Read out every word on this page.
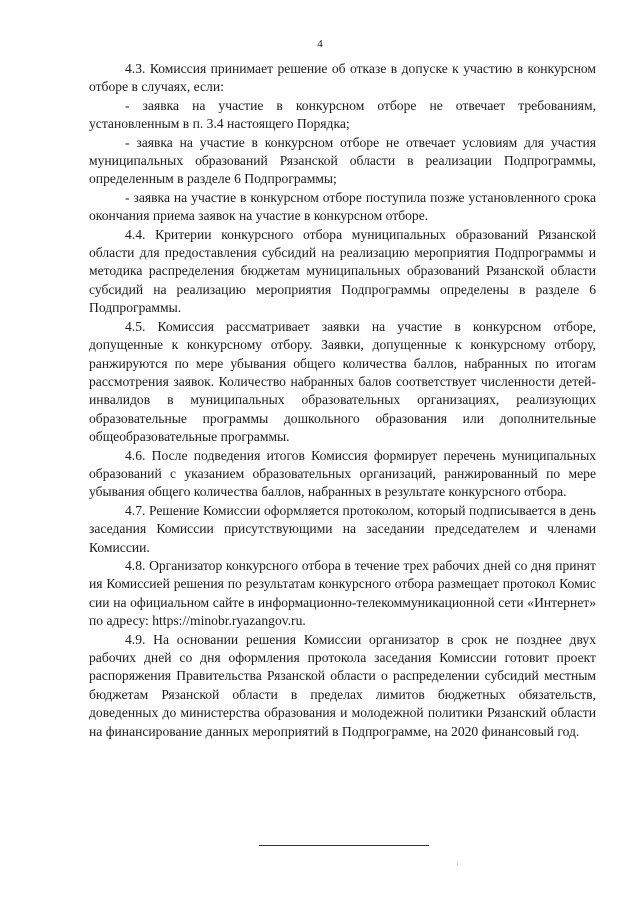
4

4.3. Комиссия принимает решение об отказе в допуске к участию в конкурсном отборе в случаях, если:

- заявка на участие в конкурсном отборе не отвечает требованиям, установленным в п. 3.4 настоящего Порядка;

- заявка на участие в конкурсном отборе не отвечает условиям для участия муниципальных образований Рязанской области в реализации Подпрограммы, определенным в разделе 6 Подпрограммы;

- заявка на участие в конкурсном отборе поступила позже установленного срока окончания приема заявок на участие в конкурсном отборе.

4.4. Критерии конкурсного отбора муниципальных образований Рязанской области для предоставления субсидий на реализацию мероприятия Подпрограммы и методика распределения бюджетам муниципальных образований Рязанской области субсидий на реализацию мероприятия Подпрограммы определены в разделе 6 Подпрограммы.

4.5. Комиссия рассматривает заявки на участие в конкурсном отборе, допущенные к конкурсному отбору. Заявки, допущенные к конкурсному отбору, ранжируются по мере убывания общего количества баллов, набранных по итогам рассмотрения заявок. Количество набранных балов соответствует численности детей-инвалидов в муниципальных образовательных организациях, реализующих образовательные программы дошкольного образования или дополнительные общеобразовательные программы.

4.6. После подведения итогов Комиссия формирует перечень муниципальных образований с указанием образовательных организаций, ранжированный по мере убывания общего количества баллов, набранных в результате конкурсного отбора.

4.7. Решение Комиссии оформляется протоколом, который подписывается в день заседания Комиссии присутствующими на заседании председателем и членами Комиссии.

4.8. Организатор конкурсного отбора в течение трех рабочих дней со дня принятия Комиссией решения по результатам конкурсного отбора размещает протокол Комиссии на официальном сайте в информационно-телекоммуникационной сети «Интернет» по адресу: https://minobr.ryazangov.ru.

4.9. На основании решения Комиссии организатор в срок не позднее двух рабочих дней со дня оформления протокола заседания Комиссии готовит проект распоряжения Правительства Рязанской области о распределении субсидий местным бюджетам Рязанской области в пределах лимитов бюджетных обязательств, доведенных до министерства образования и молодежной политики Рязанский области на финансирование данных мероприятий в Подпрограмме, на 2020 финансовый год.

·
